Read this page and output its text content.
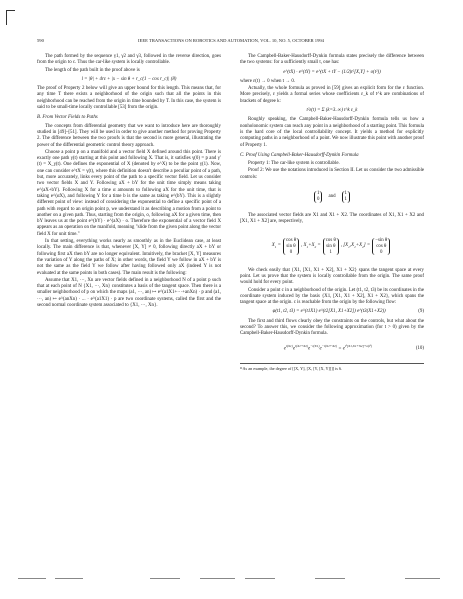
590	IEEE TRANSACTIONS ON ROBOTICS AND AUTOMATION, VOL. 10, NO. 5, OCTOBER 1994

The path formed by the sequence γ1, γ2 and γ3, followed in the reverse direction, goes from the origin to c. Thus the car-like system is locally controllable.

The length of the path built in the proof above is

l = |θ| + 4rε + |x − sin θ + r_c(1 − cos r_c)| (8)

The proof of Property 2 below will give an upper bound for this length. This means that, for any time T there exists a neighborhood of the origin such that all the points in this neighborhood can be reached from the origin in time bounded by T. In this case, the system is said to be small-time locally controllable [53] from the origin.

B. From Vector Fields to Paths

The concepts from differential geometry that we want to introduce here are thoroughly studied in [49]–[51]. They will be used in order to give another method for proving Property 2. The difference between the two proofs is that the second is more general, illustrating the power of the differential geometric control theory approach.

Choose a point p on a manifold and a vector field X defined around this point. There is exactly one path γ(t) starting at this point and following X. That is, it satisfies γ(0) = p and γ′(t) = X_γ(t). One defines the exponential of X (denoted by e^X) to be the point γ(1). Now, one can consider e^tX = γ(t), where this definition doesn't describe a peculiar point of a path, but, more accurately, links every point of the path to a specific vector field. Let us consider two vector fields X and Y. Following aX + bY for the unit time simply means taking e^(aX+bY). Following X for a time α amounts to following aX for the unit time, that is taking e^(αX), and following Y for a time b is the same as taking e^(bY). This is a slightly different point of view: instead of considering the exponential to define a specific point of a path with regard to an origin point p, we understand it as describing a motion from a point to another on a given path. Thus, starting from the origin, o, following aX for a given time, then bY leaves us at the point e^(bY) · e^(aX) · o. Therefore the exponential of a vector field X appears as an operation on the manifold, meaning "slide from the given point along the vector field X for unit time."

In that setting, everything works nearly as smoothly as in the Euclidean case, at least locally. The main difference is that, whenever [X, Y] ≠ 0, following directly aX + bY or following first aX then bY are no longer equivalent. Intuitively, the bracket [X, Y] measures the variation of Y along the paths of X; in other words, the field Y we follow in aX + bY is not the same as the field Y we follow after having followed only aX (indeed Y is not evaluated at the same points in both cases). The main result is the following:

Assume that X1, ···, Xn are vector fields defined in a neighborhood N of a point p such that at each point of N {X1, ···, Xn} constitutes a basis of the tangent space. Then there is a smaller neighborhood of p on which the maps (a1, ···, an) ↦ e^(a1X1+···+anXn) · p and (a1, ···, an) ↦ e^(anXn) · ... · e^(a1X1) · p are two coordinate systems, called the first and the second normal coordinate system associated to {X1, ···, Xn}.

The Campbell-Baker-Hausdorff-Dynkin formula states precisely the difference between the two systems: for a sufficiently small t, one has:

e^(tX) · e^(tY) = e^(tX + tY − (1/2)t²[X,Y] + o(t²))

where ε(t) → 0 when t → 0.

Actually, the whole formula as proved in [59] gives an explicit form for the ε function. More precisely, ε yields a formal series whose coefficients ε_k of t^k are combinations of brackets of degree k:

t²ε(t) = Σ (k=3..∞) t^k ε_k

Roughly speaking, the Campbell-Baker-Hausdorff-Dynkin formula tells us how a nonholonomic system can reach any point in a neighborhood of a starting point. This formula is the hard core of the local controllability concept. It yields a method for explicitly computing paths in a neighborhood of a point. We now illustrate this point with another proof of Property 1.

C. Proof Using Campbell-Baker-Hausdorff-Dynkin Formula

Property 1: The car-like system is controllable.

Proof 2: We use the notations introduced in Section II. Let us consider the two admissible controls:

1
0
and
1
1

The associated vector fields are X1 and X1 + X2. The coordinates of X1, X1 + X2 and [X1, X1 + X2] are, respectively,

$X_1$ =
cos θ
sin θ
0
, $X_1+X_2$ =
cos θ
sin θ
1
, $[X_1,X_1+X_2]$ =
−sin θ
cos θ
0

We check easily that {X1, [X1, X1 + X2], X1 + X2} spans the tangent space at every point. Let us prove that the system is locally controllable from the origin. The same proof would hold for every point.

Consider a point c in a neighborhood of the origin. Let (t1, t2, t3) be its coordinates in the coordinate system induced by the basis {X1, [X1, X1 + X2], X1 + X2}, which spans the tangent space at the origin. c is reachable from the origin by the following flow:

φ(t1, t2, t3) = e^(t1X1) e^(t2[X1, X1+X2]) e^(t3(X1+X2))	(9)

The first and third flows clearly obey the constraints on the controls, but what about the second? To answer this, we consider the following approximation (for t > 0) given by the Campbell-Baker-Hausdorff-Dynkin formula.

$e^{t(X1)}e^{t(X1+X2)}e^{-t(X1)}e^{-t(X1+X2)} = e^{t^2[X1,X1+X2]+o(t^2)}$
(10)
¹¹As an example, the degree of [[X, Y], [X, [Y, [X, Y]]]] is 6.
